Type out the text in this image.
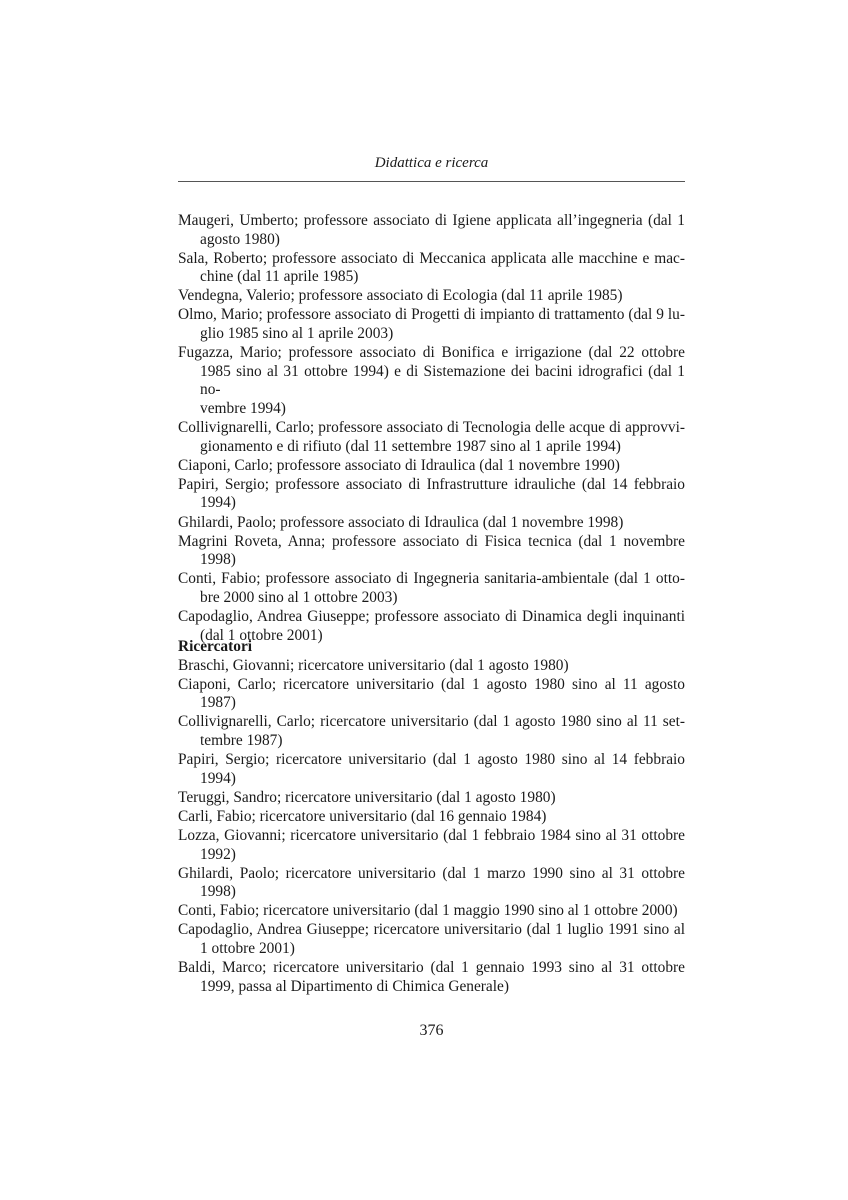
Didattica e ricerca
Maugeri, Umberto; professore associato di Igiene applicata all’ingegneria (dal 1
agosto 1980)
Sala, Roberto; professore associato di Meccanica applicata alle macchine e mac-
chine (dal 11 aprile 1985)
Vendegna, Valerio; professore associato di Ecologia (dal 11 aprile 1985)
Olmo, Mario; professore associato di Progetti di impianto di trattamento (dal 9 lu-
glio 1985 sino al 1 aprile 2003)
Fugazza, Mario; professore associato di Bonifica e irrigazione (dal 22 ottobre
1985 sino al 31 ottobre 1994) e di Sistemazione dei bacini idrografici (dal 1 no-
vembre 1994)
Collivignarelli, Carlo; professore associato di Tecnologia delle acque di approvvi-
gionamento e di rifiuto (dal 11 settembre 1987 sino al 1 aprile 1994)
Ciaponi, Carlo; professore associato di Idraulica (dal 1 novembre 1990)
Papiri, Sergio; professore associato di Infrastrutture idrauliche (dal 14 febbraio
1994)
Ghilardi, Paolo; professore associato di Idraulica (dal 1 novembre 1998)
Magrini Roveta, Anna; professore associato di Fisica tecnica (dal 1 novembre
1998)
Conti, Fabio; professore associato di Ingegneria sanitaria-ambientale (dal 1 otto-
bre 2000 sino al 1 ottobre 2003)
Capodaglio, Andrea Giuseppe; professore associato di Dinamica degli inquinanti
(dal 1 ottobre 2001)
Ricercatori
Braschi, Giovanni; ricercatore universitario (dal 1 agosto 1980)
Ciaponi, Carlo; ricercatore universitario (dal 1 agosto 1980 sino al 11 agosto
1987)
Collivignarelli, Carlo; ricercatore universitario (dal 1 agosto 1980 sino al 11 set-
tembre 1987)
Papiri, Sergio; ricercatore universitario (dal 1 agosto 1980 sino al 14 febbraio
1994)
Teruggi, Sandro; ricercatore universitario (dal 1 agosto 1980)
Carli, Fabio; ricercatore universitario (dal 16 gennaio 1984)
Lozza, Giovanni; ricercatore universitario (dal 1 febbraio 1984 sino al 31 ottobre
1992)
Ghilardi, Paolo; ricercatore universitario (dal 1 marzo 1990 sino al 31 ottobre
1998)
Conti, Fabio; ricercatore universitario (dal 1 maggio 1990 sino al 1 ottobre 2000)
Capodaglio, Andrea Giuseppe; ricercatore universitario (dal 1 luglio 1991 sino al
1 ottobre 2001)
Baldi, Marco; ricercatore universitario (dal 1 gennaio 1993 sino al 31 ottobre
1999, passa al Dipartimento di Chimica Generale)
376
